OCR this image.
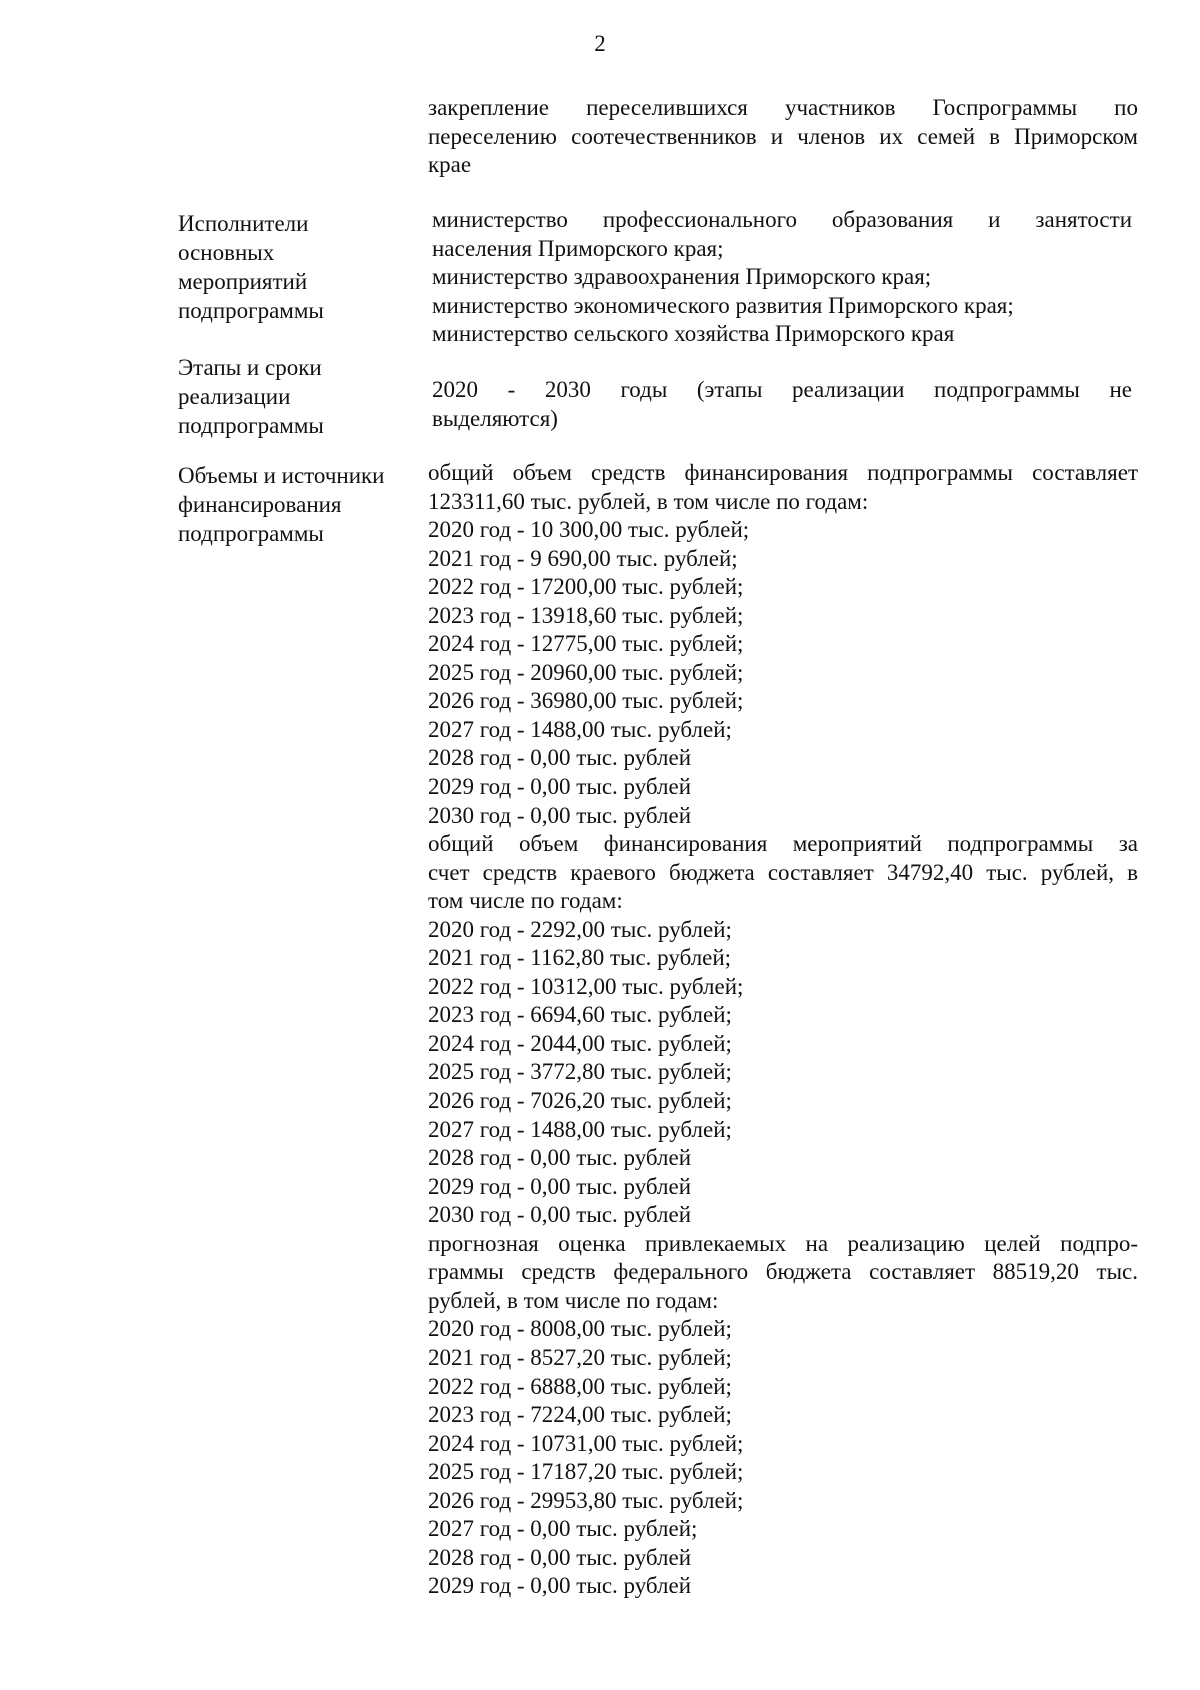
2
закрепление переселившихся участников Госпрограммы по
переселению соотечественников и членов их семей в Приморском
крае
Исполнители
основных
мероприятий
подпрограммы
министерство профессионального образования и занятости
населения Приморского края;
министерство здравоохранения Приморского края;
министерство экономического развития Приморского края;
министерство сельского хозяйства Приморского края
Этапы и сроки
реализации
подпрограммы
2020 - 2030 годы (этапы реализации подпрограммы не
выделяются)
Объемы и источники
финансирования
подпрограммы
общий объем средств финансирования подпрограммы составляет
123311,60 тыс. рублей, в том числе по годам:
2020 год - 10 300,00 тыс. рублей;
2021 год - 9 690,00 тыс. рублей;
2022 год - 17200,00 тыс. рублей;
2023 год - 13918,60 тыс. рублей;
2024 год - 12775,00 тыс. рублей;
2025 год - 20960,00 тыс. рублей;
2026 год - 36980,00 тыс. рублей;
2027 год - 1488,00 тыс. рублей;
2028 год - 0,00 тыс. рублей
2029 год - 0,00 тыс. рублей
2030 год - 0,00 тыс. рублей
общий объем финансирования мероприятий подпрограммы за
счет средств краевого бюджета составляет 34792,40 тыс. рублей, в
том числе по годам:
2020 год - 2292,00 тыс. рублей;
2021 год - 1162,80 тыс. рублей;
2022 год - 10312,00 тыс. рублей;
2023 год - 6694,60 тыс. рублей;
2024 год - 2044,00 тыс. рублей;
2025 год - 3772,80 тыс. рублей;
2026 год - 7026,20 тыс. рублей;
2027 год - 1488,00 тыс. рублей;
2028 год - 0,00 тыс. рублей
2029 год - 0,00 тыс. рублей
2030 год - 0,00 тыс. рублей
прогнозная оценка привлекаемых на реализацию целей подпро-
граммы средств федерального бюджета составляет 88519,20 тыс.
рублей, в том числе по годам:
2020 год - 8008,00 тыс. рублей;
2021 год - 8527,20 тыс. рублей;
2022 год - 6888,00 тыс. рублей;
2023 год - 7224,00 тыс. рублей;
2024 год - 10731,00 тыс. рублей;
2025 год - 17187,20 тыс. рублей;
2026 год - 29953,80 тыс. рублей;
2027 год - 0,00 тыс. рублей;
2028 год - 0,00 тыс. рублей
2029 год - 0,00 тыс. рублей
